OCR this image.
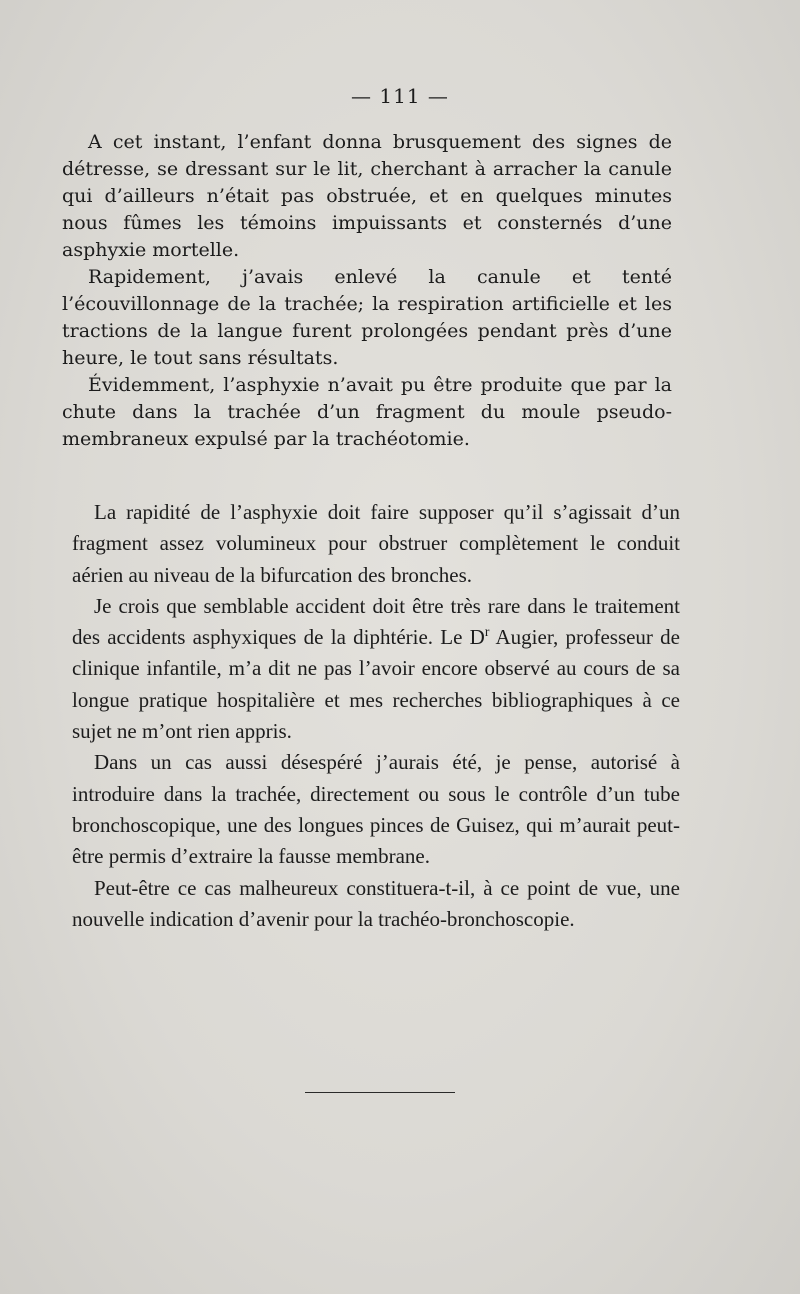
— 111 —

A cet instant, l’enfant donna brusquement des signes de détresse, se dressant sur le lit, cherchant à arracher la canule qui d’ailleurs n’était pas obstruée, et en quelques minutes nous fûmes les témoins impuissants et consternés d’une asphyxie mortelle.

Rapidement, j’avais enlevé la canule et tenté l’écouvillonnage de la trachée; la respiration artificielle et les tractions de la langue furent prolongées pendant près d’une heure, le tout sans résultats.

Évidemment, l’asphyxie n’avait pu être produite que par la chute dans la trachée d’un fragment du moule pseudo-membraneux expulsé par la trachéotomie.

La rapidité de l’asphyxie doit faire supposer qu’il s’agissait d’un fragment assez volumineux pour obstruer complètement le conduit aérien au niveau de la bifurcation des bronches.

Je crois que semblable accident doit être très rare dans le traitement des accidents asphyxiques de la diphtérie. Le $D^r$ Augier, professeur de clinique infantile, m’a dit ne pas l’avoir encore observé au cours de sa longue pratique hospitalière et mes recherches bibliographiques à ce sujet ne m’ont rien appris.

Dans un cas aussi désespéré j’aurais été, je pense, autorisé à introduire dans la trachée, directement ou sous le contrôle d’un tube bronchoscopique, une des longues pinces de Guisez, qui m’aurait peut-être permis d’extraire la fausse membrane.

Peut-être ce cas malheureux constituera-t-il, à ce point de vue, une nouvelle indication d’avenir pour la trachéo-bronchoscopie.
